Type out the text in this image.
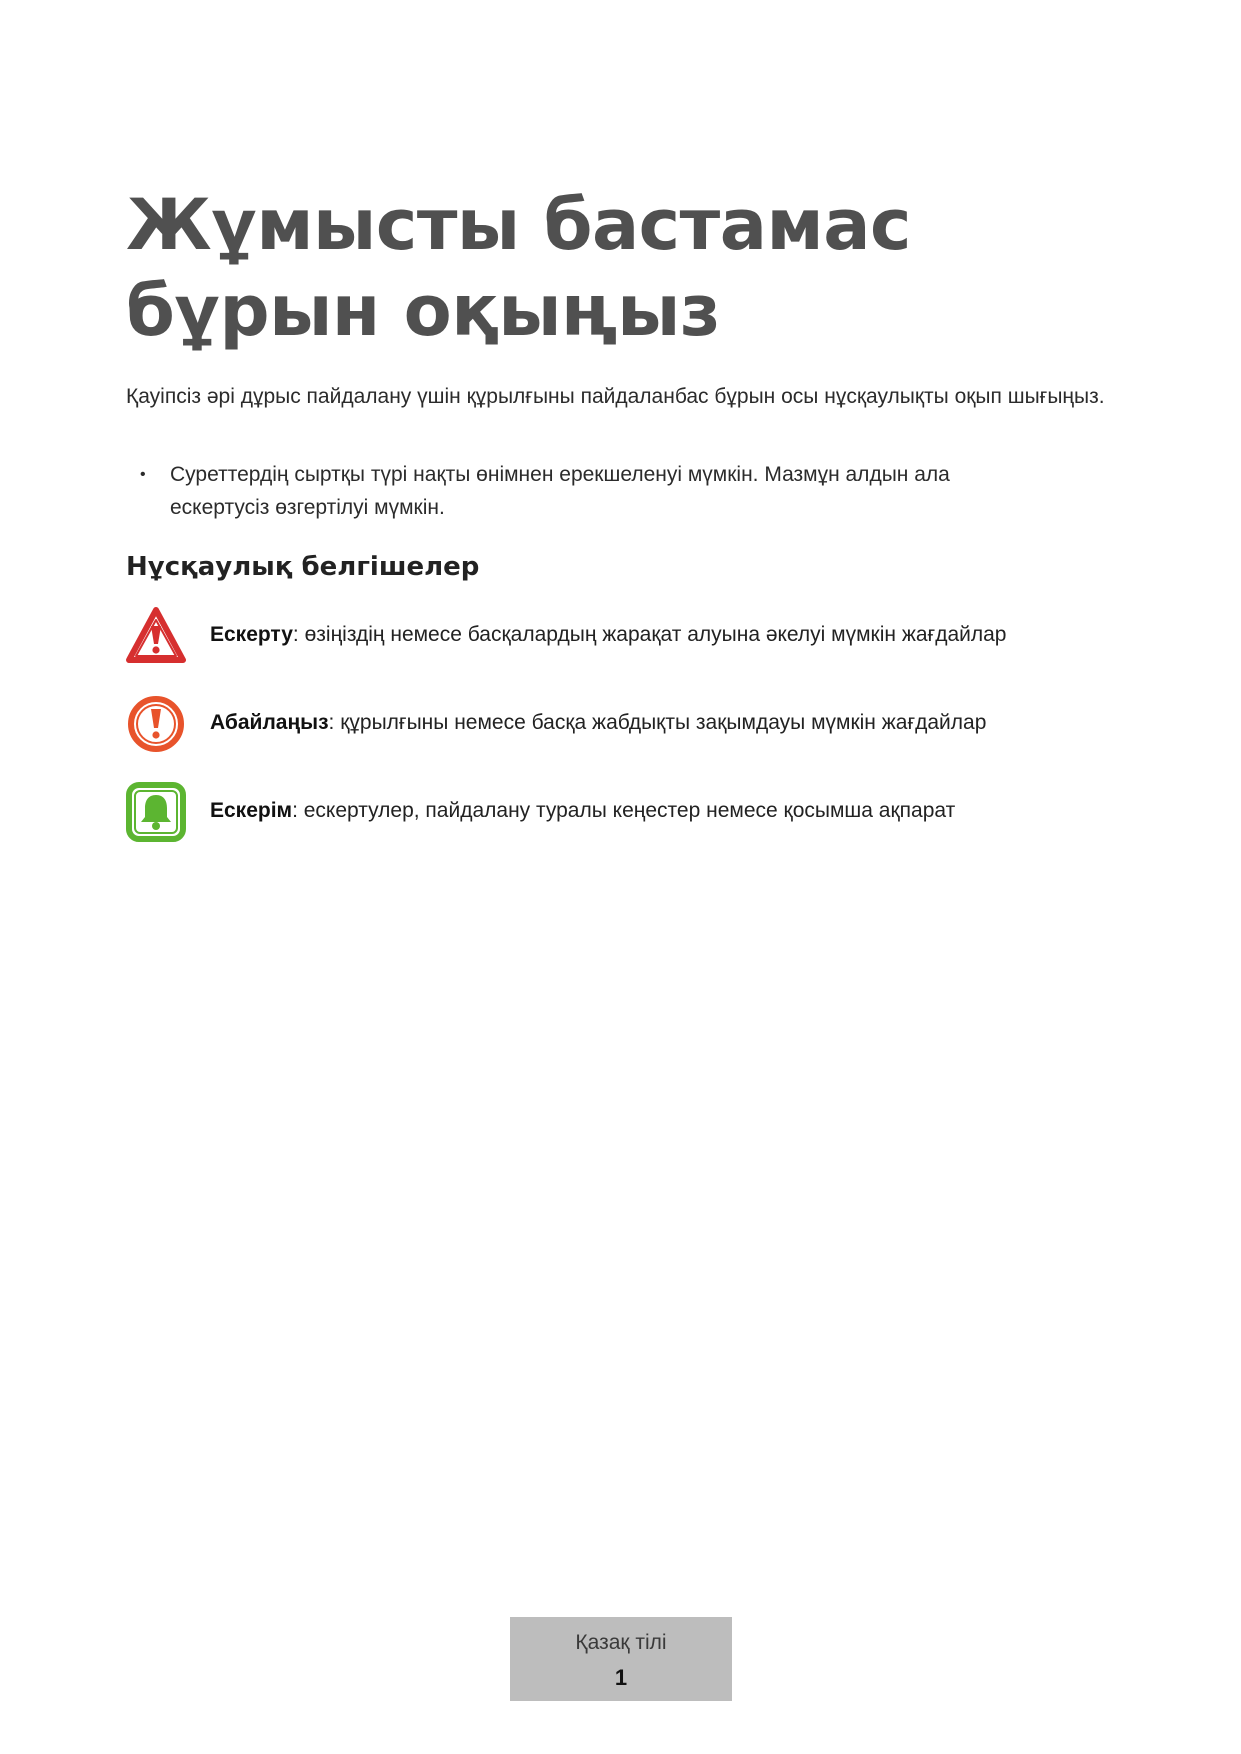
Жұмысты бастамас бұрын оқыңыз

Қауіпсіз әрі дұрыс пайдалану үшін құрылғыны пайдаланбас бұрын осы нұсқаулықты оқып шығыңыз.

• Суреттердің сыртқы түрі нақты өнімнен ерекшеленуі мүмкін. Мазмұн алдын ала ескертусіз өзгертілуі мүмкін.
Нұсқаулық белгішелер
Ескерту: өзіңіздің немесе басқалардың жарақат алуына әкелуі мүмкін жағдайлар
Абайлаңыз: құрылғыны немесе басқа жабдықты зақымдауы мүмкін жағдайлар
Ескерім: ескертулер, пайдалану туралы кеңестер немесе қосымша ақпарат
Қазақ тілі
1
